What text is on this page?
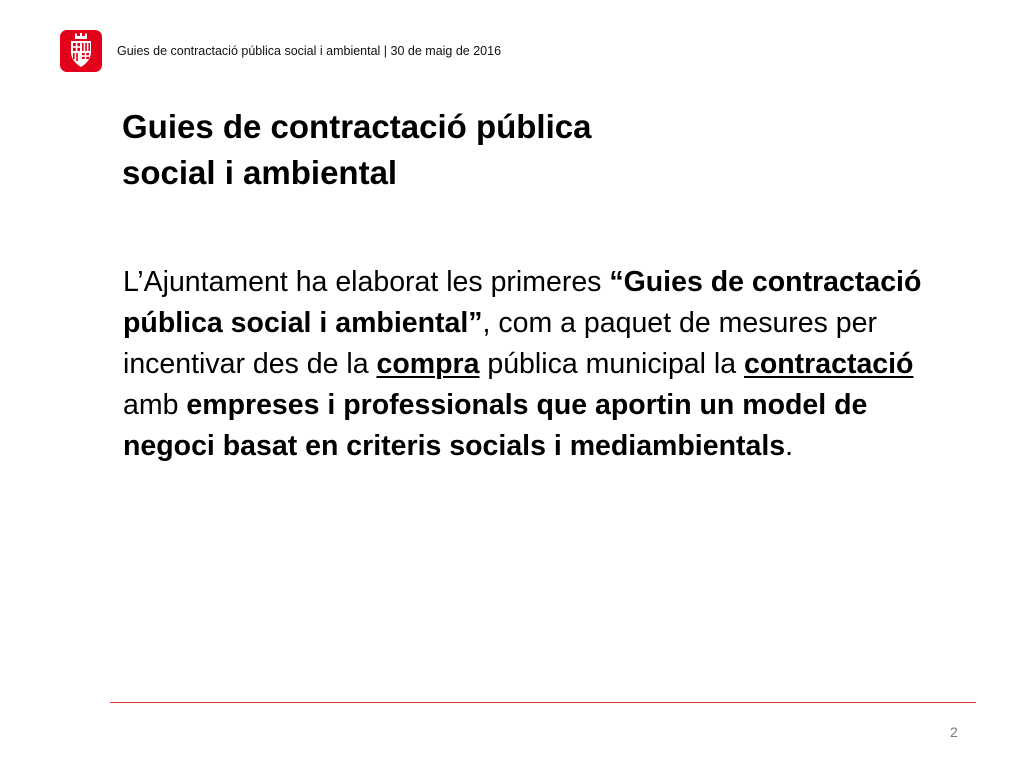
Guies de contractació pública social i ambiental | 30 de maig de 2016
Guies de contractació pública
social i ambiental

L’Ajuntament ha elaborat les primeres “Guies de contractació pública social i ambiental”, com a paquet de mesures per incentivar des de la compra pública municipal la contractació amb empreses i professionals que aportin un model de negoci basat en criteris socials i mediambientals.

2
